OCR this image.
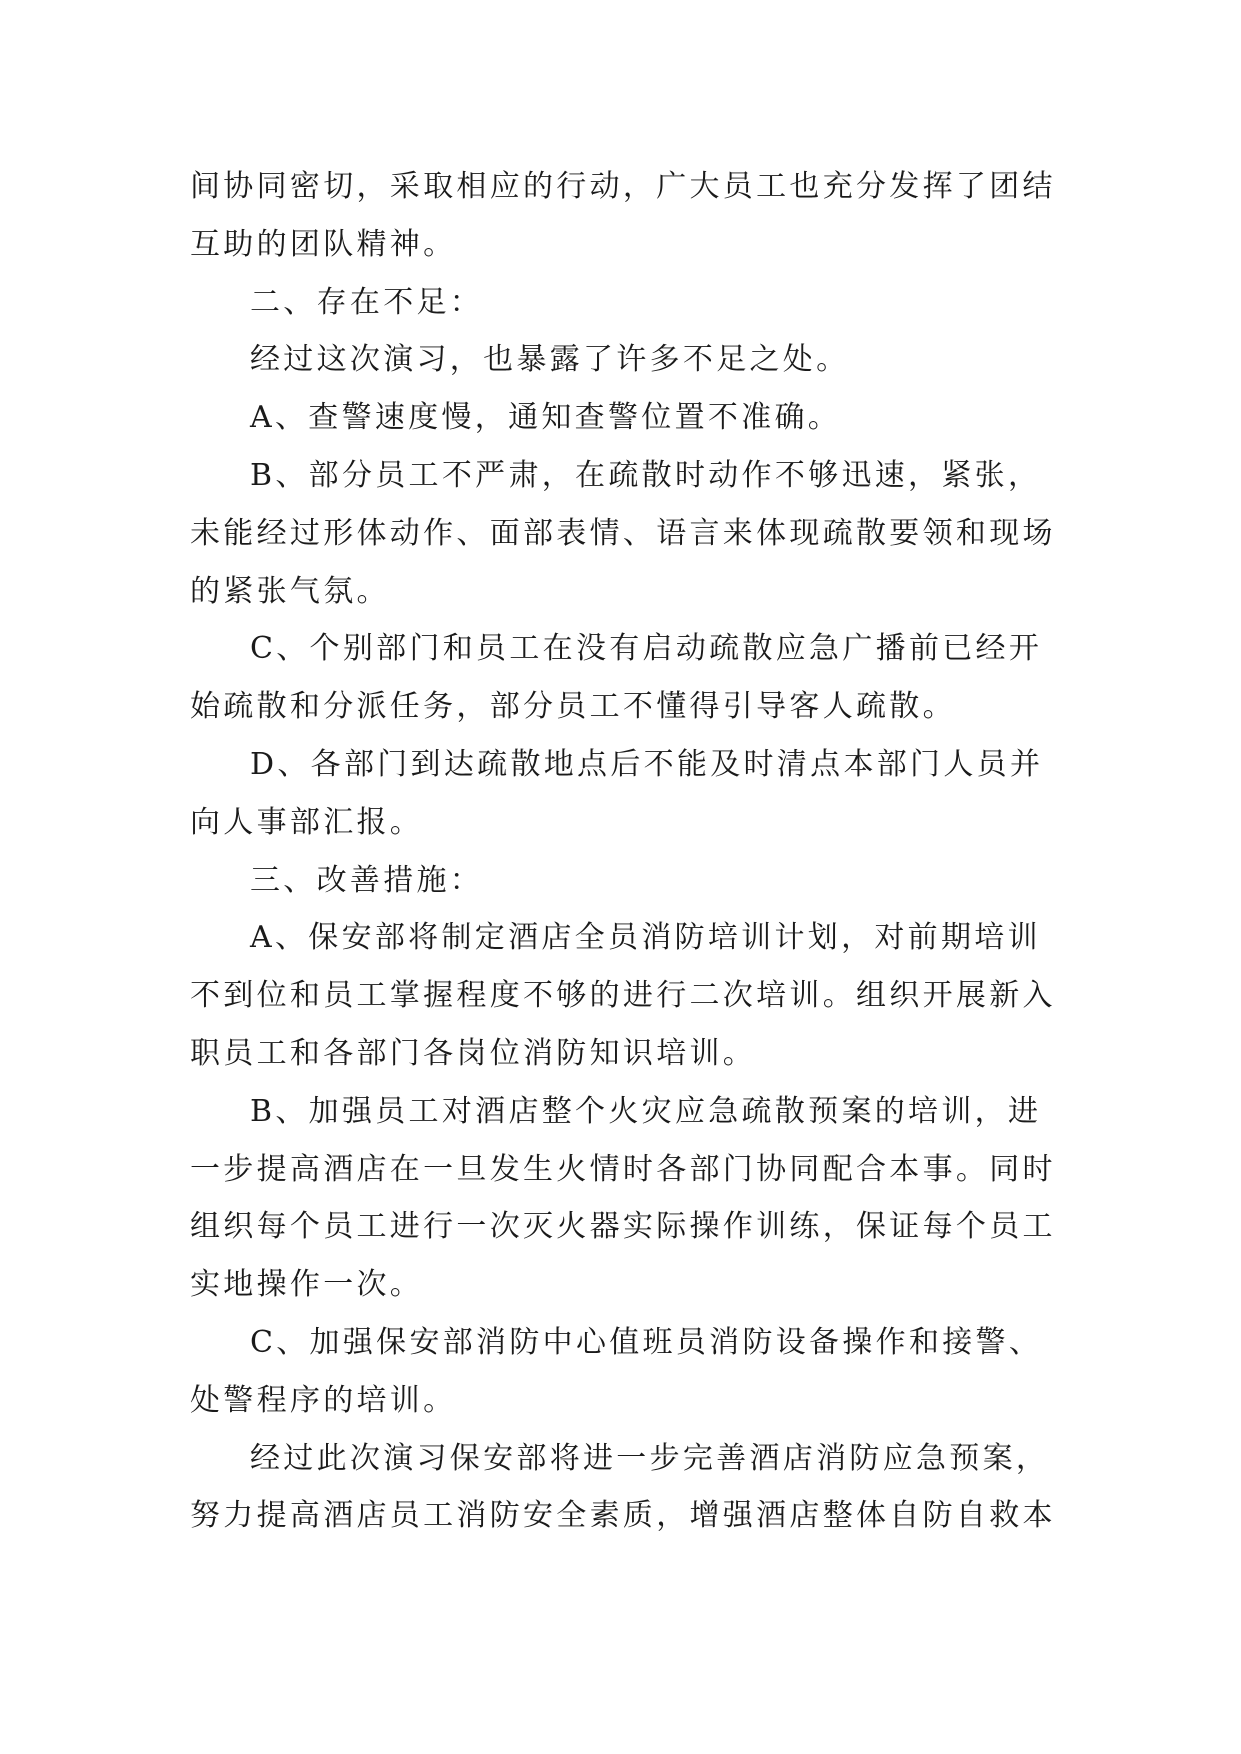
间协同密切，采取相应的行动，广大员工也充分发挥了团结互助的团队精神。

二、存在不足：

经过这次演习，也暴露了许多不足之处。

A、查警速度慢，通知查警位置不准确。

B、部分员工不严肃，在疏散时动作不够迅速，紧张，未能经过形体动作、面部表情、语言来体现疏散要领和现场的紧张气氛。

C、个别部门和员工在没有启动疏散应急广播前已经开始疏散和分派任务，部分员工不懂得引导客人疏散。

D、各部门到达疏散地点后不能及时清点本部门人员并向人事部汇报。

三、改善措施：

A、保安部将制定酒店全员消防培训计划，对前期培训不到位和员工掌握程度不够的进行二次培训。组织开展新入职员工和各部门各岗位消防知识培训。

B、加强员工对酒店整个火灾应急疏散预案的培训，进一步提高酒店在一旦发生火情时各部门协同配合本事。同时组织每个员工进行一次灭火器实际操作训练，保证每个员工实地操作一次。

C、加强保安部消防中心值班员消防设备操作和接警、处警程序的培训。

经过此次演习保安部将进一步完善酒店消防应急预案，努力提高酒店员工消防安全素质，增强酒店整体自防自救本
